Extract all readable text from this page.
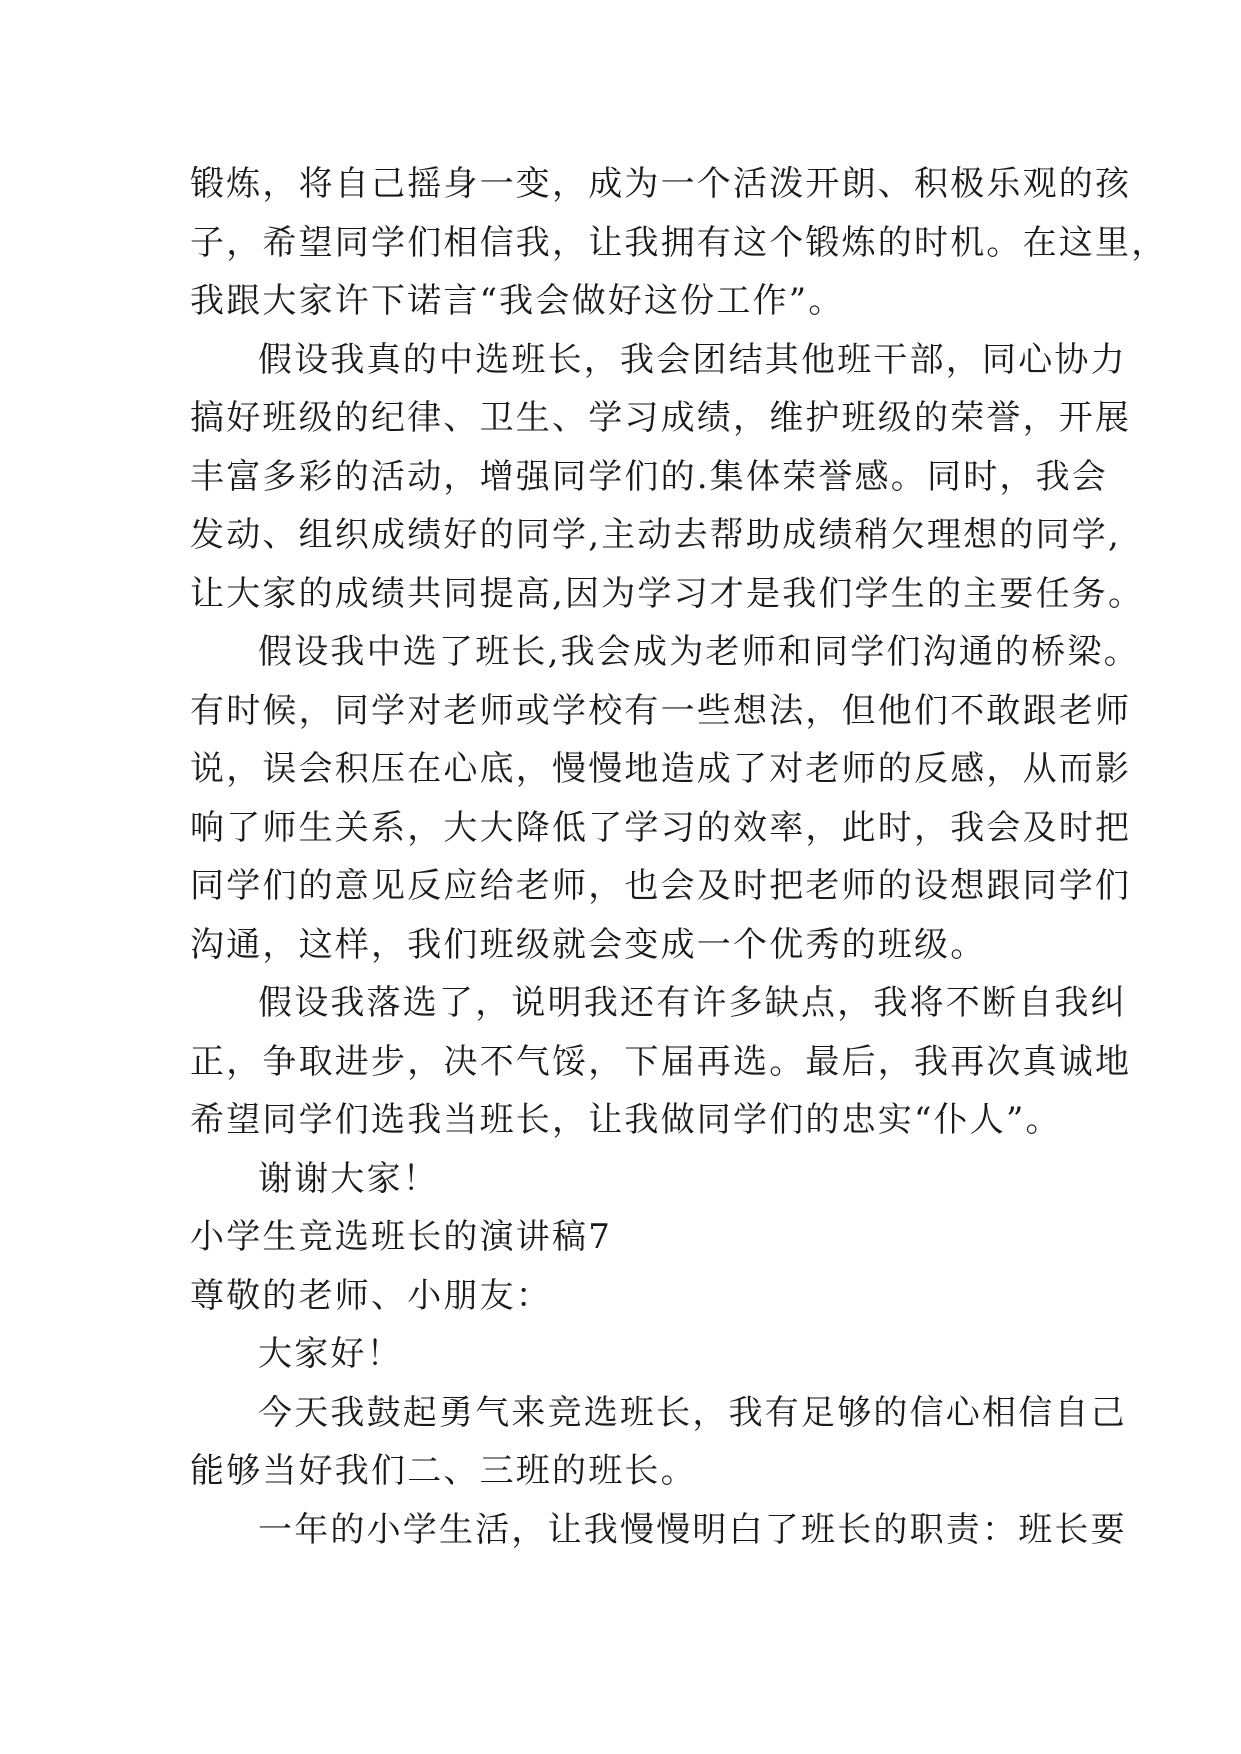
锻炼，将自己摇身一变，成为一个活泼开朗、积极乐观的孩
子，希望同学们相信我，让我拥有这个锻炼的时机。在这里，
我跟大家许下诺言“我会做好这份工作”。
假设我真的中选班长，我会团结其他班干部，同心协力
搞好班级的纪律、卫生、学习成绩，维护班级的荣誉，开展
丰富多彩的活动，增强同学们的.集体荣誉感。同时，我会
发动、组织成绩好的同学,主动去帮助成绩稍欠理想的同学,
让大家的成绩共同提高,因为学习才是我们学生的主要任务。
假设我中选了班长,我会成为老师和同学们沟通的桥梁。
有时候，同学对老师或学校有一些想法，但他们不敢跟老师
说，误会积压在心底，慢慢地造成了对老师的反感，从而影
响了师生关系，大大降低了学习的效率，此时，我会及时把
同学们的意见反应给老师，也会及时把老师的设想跟同学们
沟通，这样，我们班级就会变成一个优秀的班级。
假设我落选了，说明我还有许多缺点，我将不断自我纠
正，争取进步，决不气馁，下届再选。最后，我再次真诚地
希望同学们选我当班长，让我做同学们的忠实“仆人”。
谢谢大家！
小学生竞选班长的演讲稿7
尊敬的老师、小朋友：
大家好！
今天我鼓起勇气来竞选班长，我有足够的信心相信自己
能够当好我们二、三班的班长。
一年的小学生活，让我慢慢明白了班长的职责：班长要
